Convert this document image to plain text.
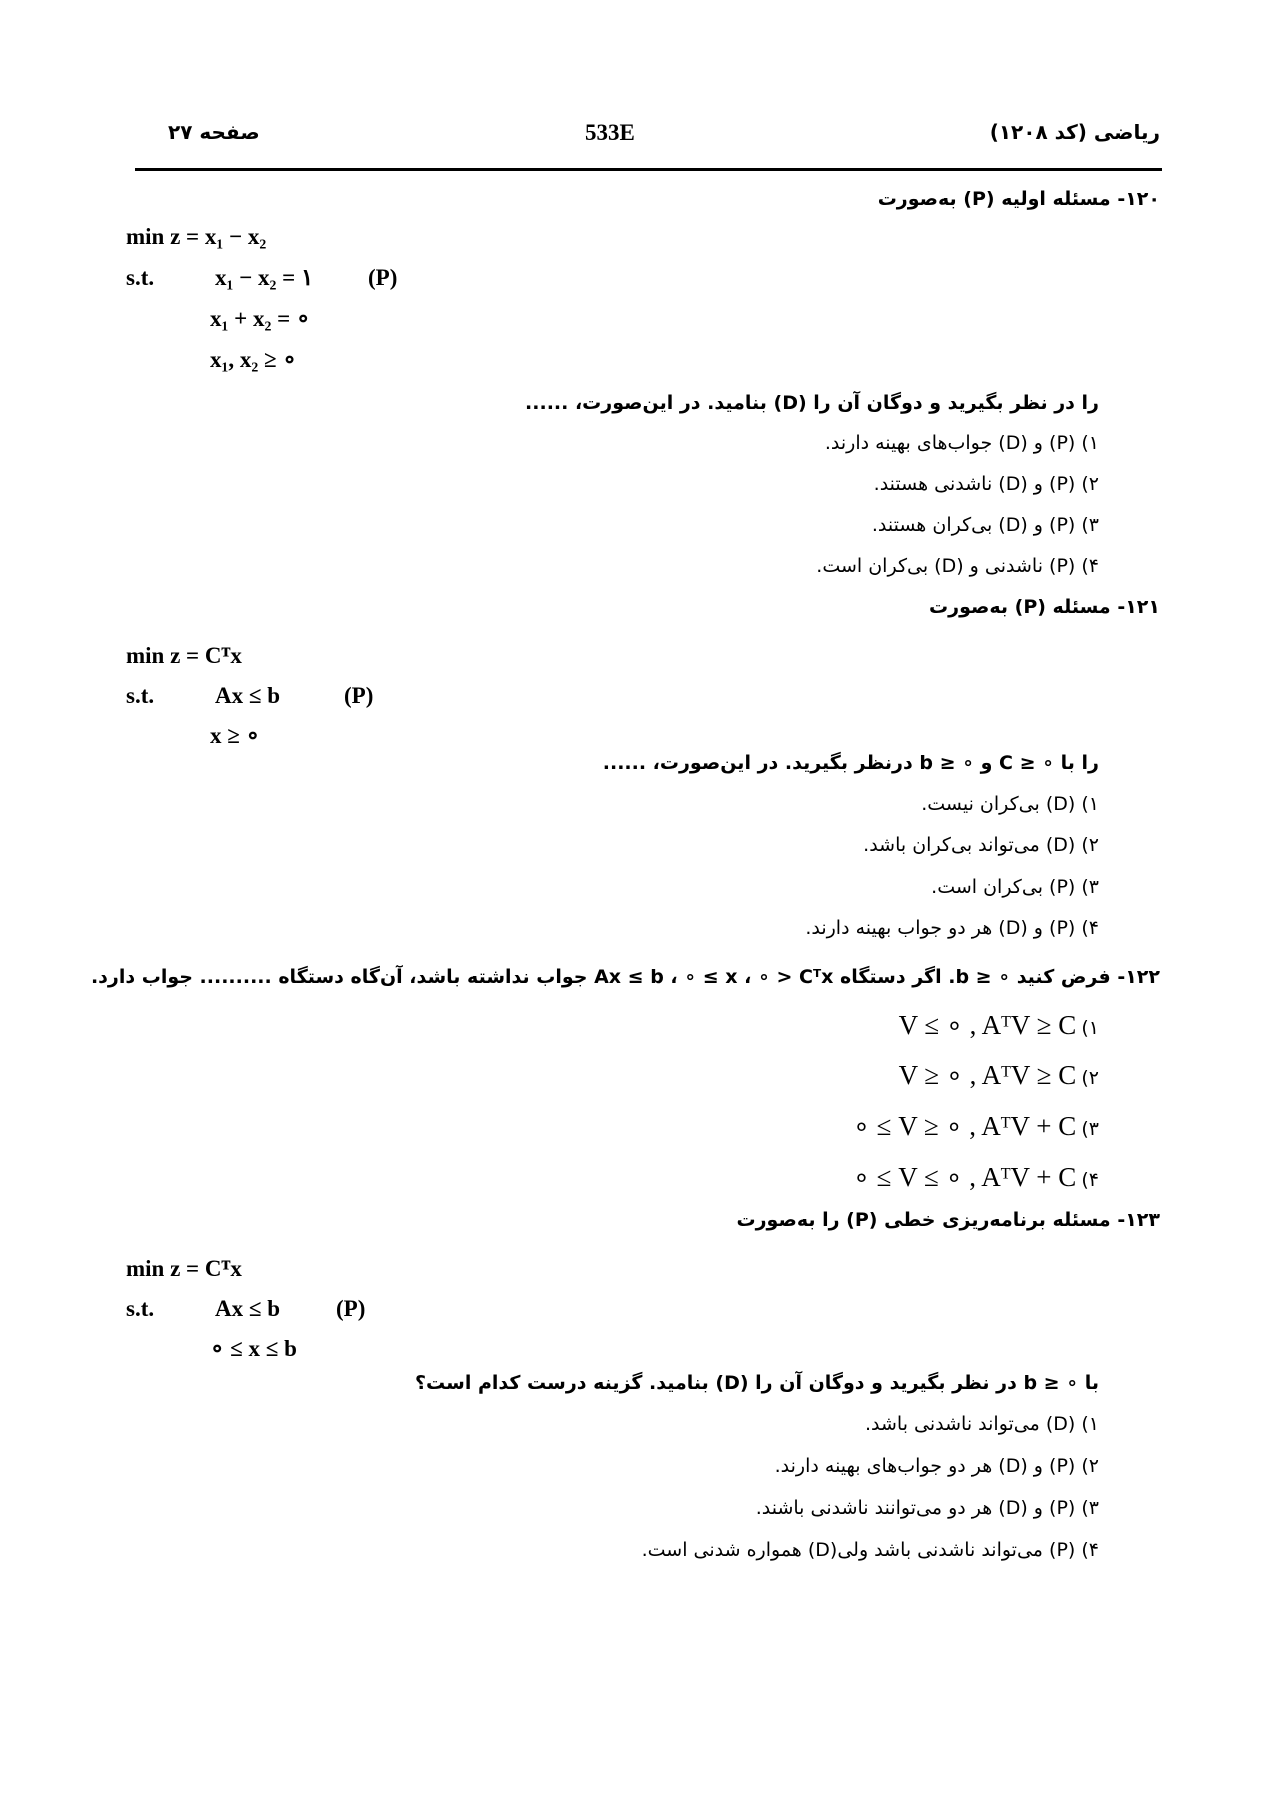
صفحه ۲۷	533E	ریاضی (کد ۱۲۰۸)
۱۲۰- مسئله اولیه (P) به‌صورت
min z = x₁ − x₂
s.t.	x₁ − x₂ = ۱ (P)
x₁ + x₂ = ∘
x₁, x₂ ≥ ∘
را در نظر بگیرید و دوگان آن را (D) بنامید. در این‌صورت، ......
۱) (P) و (D) جواب‌های بهینه دارند.
۲) (P) و (D) ناشدنی هستند.
۳) (P) و (D) بی‌کران هستند.
۴) (P) ناشدنی و (D) بی‌کران است.
۱۲۱- مسئله (P) به‌صورت
min z = Cᵀx
s.t.	Ax ≤ b	(P)
x ≥ ∘
را با ∘ ≤ C و ∘ ≤ b درنظر بگیرید. در این‌صورت، ......
۱) (D) بی‌کران نیست.
۲) (D) می‌تواند بی‌کران باشد.
۳) (P) بی‌کران است.
۴) (P) و (D) هر دو جواب بهینه دارند.
۱۲۲- فرض کنید ∘ ≤ b. اگر دستگاه Ax ≤ b ، ∘ ≤ x ، ∘ > Cᵀx جواب نداشته باشد، آن‌گاه دستگاه .......... جواب دارد.
۱) V ≤ ∘ , AᵀV ≥ C
۲) V ≥ ∘ , AᵀV ≥ C
۳) V ≥ ∘ , AᵀV + C ≥ ∘
۴) V ≤ ∘ , AᵀV + C ≥ ∘
۱۲۳- مسئله برنامه‌ریزی خطی (P) را به‌صورت
min z = Cᵀx
s.t.	Ax ≤ b (P)
∘ ≤ x ≤ b
با ∘ ≤ b در نظر بگیرید و دوگان آن را (D) بنامید. گزینه درست کدام است؟
۱) (D) می‌تواند ناشدنی باشد.
۲) (P) و (D) هر دو جواب‌های بهینه دارند.
۳) (P) و (D) هر دو می‌توانند ناشدنی باشند.
۴) (P) می‌تواند ناشدنی باشد ولی(D) همواره شدنی است.
